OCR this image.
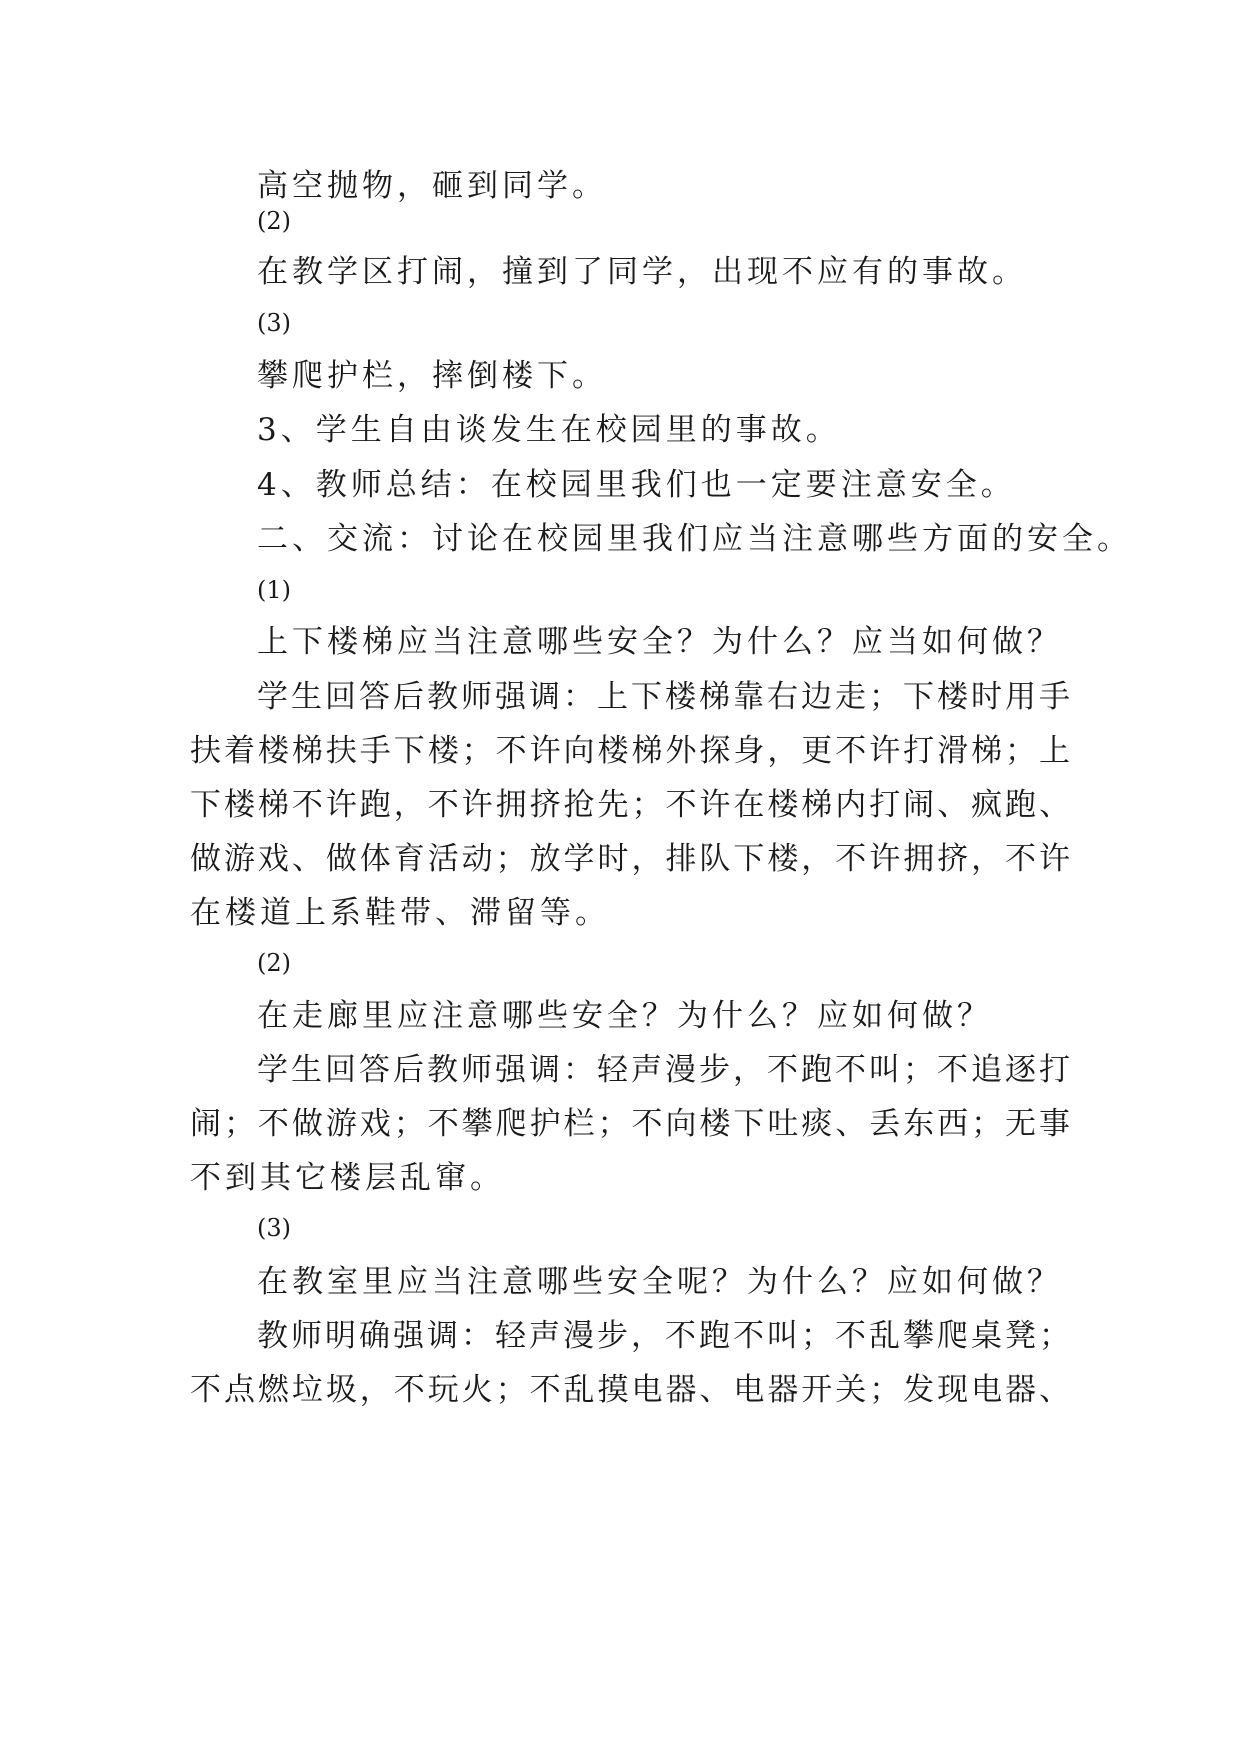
高空抛物，砸到同学。
(2)
在教学区打闹，撞到了同学，出现不应有的事故。
(3)
攀爬护栏，摔倒楼下。
3、学生自由谈发生在校园里的事故。
4、教师总结：在校园里我们也一定要注意安全。
二、交流：讨论在校园里我们应当注意哪些方面的安全。
(1)
上下楼梯应当注意哪些安全？为什么？应当如何做？
学生回答后教师强调：上下楼梯靠右边走；下楼时用手
扶着楼梯扶手下楼；不许向楼梯外探身，更不许打滑梯；上
下楼梯不许跑，不许拥挤抢先；不许在楼梯内打闹、疯跑、
做游戏、做体育活动；放学时，排队下楼，不许拥挤，不许
在楼道上系鞋带、滞留等。
(2)
在走廊里应注意哪些安全？为什么？应如何做？
学生回答后教师强调：轻声漫步，不跑不叫；不追逐打
闹；不做游戏；不攀爬护栏；不向楼下吐痰、丢东西；无事
不到其它楼层乱窜。
(3)
在教室里应当注意哪些安全呢？为什么？应如何做？
教师明确强调：轻声漫步，不跑不叫；不乱攀爬桌凳；
不点燃垃圾，不玩火；不乱摸电器、电器开关；发现电器、
